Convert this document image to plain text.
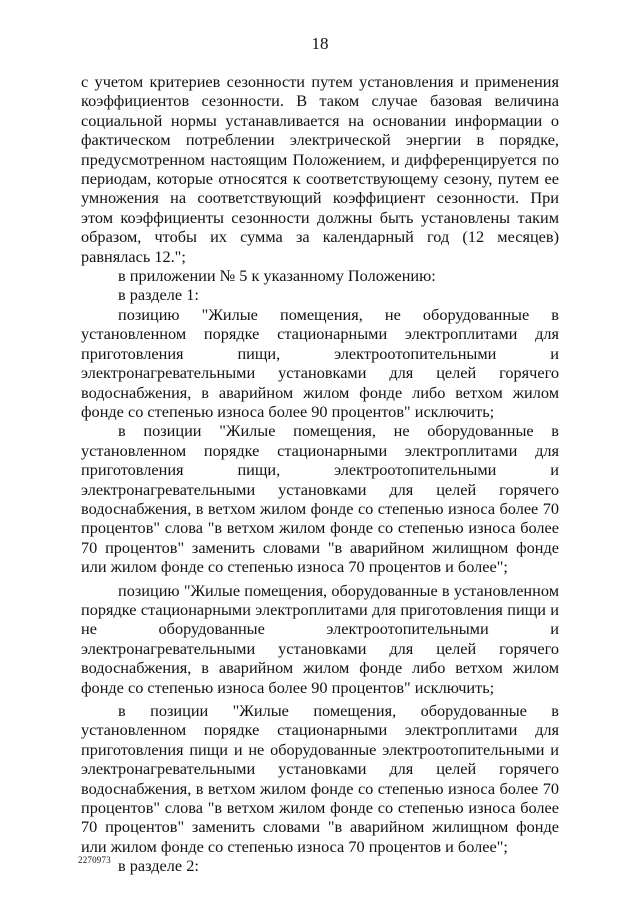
18

с учетом критериев сезонности путем установления и применения коэффициентов сезонности. В таком случае базовая величина социальной нормы устанавливается на основании информации о фактическом потреблении электрической энергии в порядке, предусмотренном настоящим Положением, и дифференцируется по периодам, которые относятся к соответствующему сезону, путем ее умножения на соответствующий коэффициент сезонности. При этом коэффициенты сезонности должны быть установлены таким образом, чтобы их сумма за календарный год (12 месяцев) равнялась 12.";

в приложении № 5 к указанному Положению:

в разделе 1:

позицию "Жилые помещения, не оборудованные в установленном порядке стационарными электроплитами для приготовления пищи, электроотопительными и электронагревательными установками для целей горячего водоснабжения, в аварийном жилом фонде либо ветхом жилом фонде со степенью износа более 90 процентов" исключить;

в позиции "Жилые помещения, не оборудованные в установленном порядке стационарными электроплитами для приготовления пищи, электроотопительными и электронагревательными установками для целей горячего водоснабжения, в ветхом жилом фонде со степенью износа более 70 процентов" слова "в ветхом жилом фонде со степенью износа более 70 процентов" заменить словами "в аварийном жилищном фонде или жилом фонде со степенью износа 70 процентов и более";

позицию "Жилые помещения, оборудованные в установленном порядке стационарными электроплитами для приготовления пищи и не оборудованные электроотопительными и электронагревательными установками для целей горячего водоснабжения, в аварийном жилом фонде либо ветхом жилом фонде со степенью износа более 90 процентов" исключить;

в позиции "Жилые помещения, оборудованные в установленном порядке стационарными электроплитами для приготовления пищи и не оборудованные электроотопительными и электронагревательными установками для целей горячего водоснабжения, в ветхом жилом фонде со степенью износа более 70 процентов" слова "в ветхом жилом фонде со степенью износа более 70 процентов" заменить словами "в аварийном жилищном фонде или жилом фонде со степенью износа 70 процентов и более";

в разделе 2:

2270973
